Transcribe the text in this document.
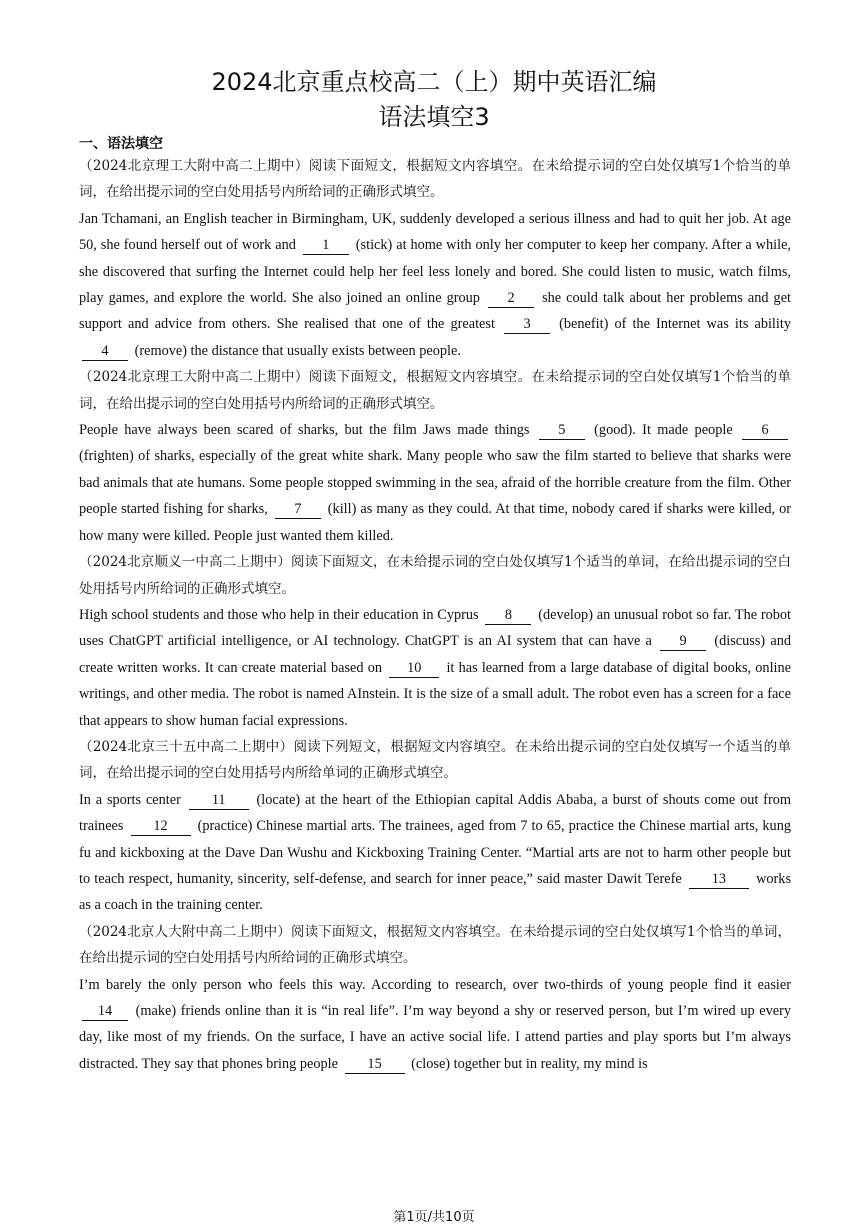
2024北京重点校高二（上）期中英语汇编
语法填空3
一、语法填空
（2024北京理工大附中高二上期中）阅读下面短文，根据短文内容填空。在未给提示词的空白处仅填写1个恰当的单词，在给出提示词的空白处用括号内所给词的正确形式填空。
Jan Tchamani, an English teacher in Birmingham, UK, suddenly developed a serious illness and had to quit her job. At age 50, she found herself out of work and 1 (stick) at home with only her computer to keep her company. After a while, she discovered that surfing the Internet could help her feel less lonely and bored. She could listen to music, watch films, play games, and explore the world. She also joined an online group 2 she could talk about her problems and get support and advice from others. She realised that one of the greatest 3 (benefit) of the Internet was its ability 4 (remove) the distance that usually exists between people.
（2024北京理工大附中高二上期中）阅读下面短文，根据短文内容填空。在未给提示词的空白处仅填写1个恰当的单词，在给出提示词的空白处用括号内所给词的正确形式填空。
People have always been scared of sharks, but the film Jaws made things 5 (good). It made people 6 (frighten) of sharks, especially of the great white shark. Many people who saw the film started to believe that sharks were bad animals that ate humans. Some people stopped swimming in the sea, afraid of the horrible creature from the film. Other people started fishing for sharks, 7 (kill) as many as they could. At that time, nobody cared if sharks were killed, or how many were killed. People just wanted them killed.
（2024北京顺义一中高二上期中）阅读下面短文，在未给提示词的空白处仅填写1个适当的单词，在给出提示词的空白处用括号内所给词的正确形式填空。
High school students and those who help in their education in Cyprus 8 (develop) an unusual robot so far. The robot uses ChatGPT artificial intelligence, or AI technology. ChatGPT is an AI system that can have a 9 (discuss) and create written works. It can create material based on 10 it has learned from a large database of digital books, online writings, and other media. The robot is named AInstein. It is the size of a small adult. The robot even has a screen for a face that appears to show human facial expressions.
（2024北京三十五中高二上期中）阅读下列短文，根据短文内容填空。在未给出提示词的空白处仅填写一个适当的单词，在给出提示词的空白处用括号内所给单词的正确形式填空。
In a sports center 11 (locate) at the heart of the Ethiopian capital Addis Ababa, a burst of shouts come out from trainees 12 (practice) Chinese martial arts. The trainees, aged from 7 to 65, practice the Chinese martial arts, kung fu and kickboxing at the Dave Dan Wushu and Kickboxing Training Center. “Martial arts are not to harm other people but to teach respect, humanity, sincerity, self-defense, and search for inner peace,” said master Dawit Terefe 13 works as a coach in the training center.
（2024北京人大附中高二上期中）阅读下面短文，根据短文内容填空。在未给提示词的空白处仅填写1个恰当的单词，在给出提示词的空白处用括号内所给词的正确形式填空。
I’m barely the only person who feels this way. According to research, over two-thirds of young people find it easier 14 (make) friends online than it is “in real life”. I’m way beyond a shy or reserved person, but I’m wired up every day, like most of my friends. On the surface, I have an active social life. I attend parties and play sports but I’m always distracted. They say that phones bring people 15 (close) together but in reality, my mind is
第1页/共10页
